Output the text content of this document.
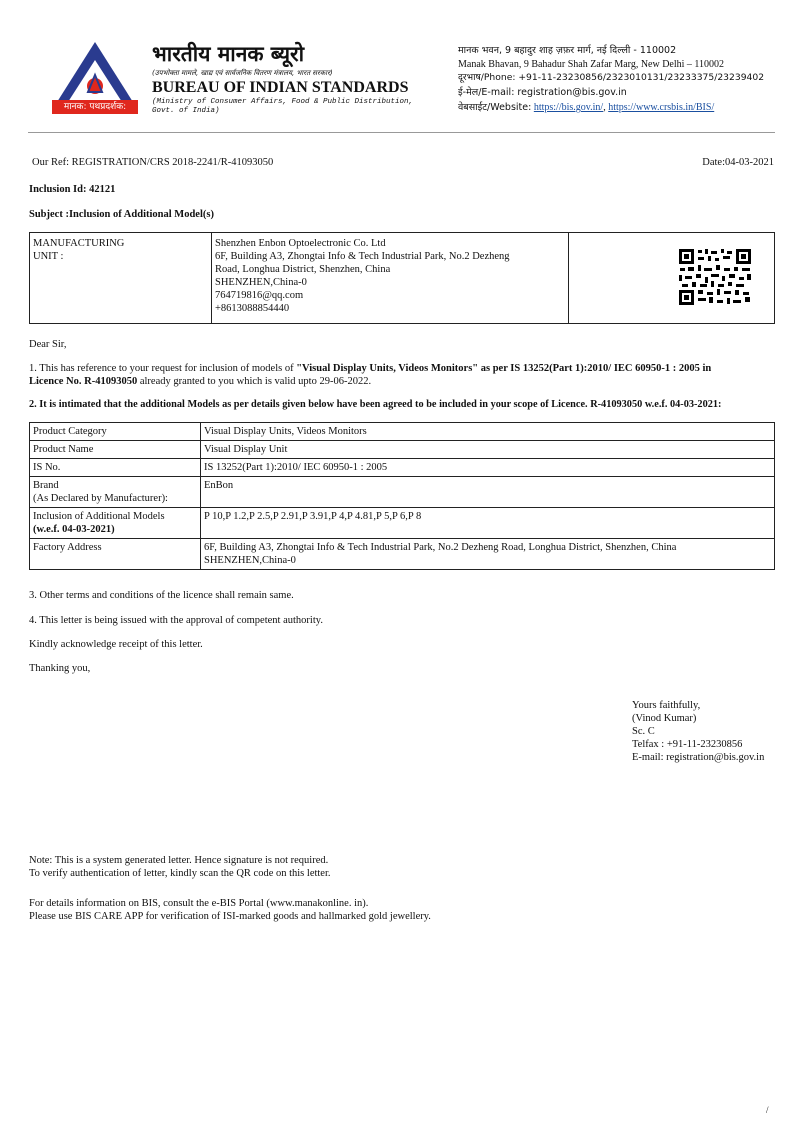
मानक: पथप्रदर्शक:
भारतीय मानक ब्यूरो
(उपभोक्ता मामले, खाद्य एवं सार्वजनिक वितरण मंत्रालय, भारत सरकार)
BUREAU OF INDIAN STANDARDS
(Ministry of Consumer Affairs, Food & Public Distribution,
Govt. of India)
मानक भवन, 9 बहादुर शाह ज़फ़र मार्ग, नई दिल्ली - 110002
Manak Bhavan, 9 Bahadur Shah Zafar Marg, New Delhi – 110002
दूरभाष/Phone: +91-11-23230856/2323010131/23233375/23239402
ई-मेल/E-mail: registration@bis.gov.in
वेबसाईट/Website: https://bis.gov.in/, https://www.crsbis.in/BIS/
Our Ref: REGISTRATION/CRS 2018-2241/R-41093050	Date:04-03-2021
Inclusion Id: 42121
Subject :Inclusion of Additional Model(s)
MANUFACTURING
UNIT :
Shenzhen Enbon Optoelectronic Co. Ltd
6F, Building A3, Zhongtai Info & Tech Industrial Park, No.2 Dezheng
Road, Longhua District, Shenzhen, China
SHENZHEN,China-0
764719816@qq.com
+8613088854440
Dear Sir,
1. This has reference to your request for inclusion of models of "Visual Display Units, Videos Monitors" as per IS 13252(Part 1):2010/ IEC 60950-1 : 2005 in
Licence No. R-41093050 already granted to you which is valid upto 29-06-2022.
2. It is intimated that the additional Models as per details given below have been agreed to be included in your scope of Licence. R-41093050 w.e.f. 04-03-2021:
Product Category	Visual Display Units, Videos Monitors
Product Name	Visual Display Unit
IS No.	IS 13252(Part 1):2010/ IEC 60950-1 : 2005

Brand
(As Declared by Manufacturer):	EnBon

Inclusion of Additional Models
(w.e.f. 04-03-2021)	P 10,P 1.2,P 2.5,P 2.91,P 3.91,P 4,P 4.81,P 5,P 6,P 8
Factory Address	6F, Building A3, Zhongtai Info & Tech Industrial Park, No.2 Dezheng Road, Longhua District, Shenzhen, China
SHENZHEN,China-0
3. Other terms and conditions of the licence shall remain same.
4. This letter is being issued with the approval of competent authority.
Kindly acknowledge receipt of this letter.
Thanking you,
Yours faithfully,
(Vinod Kumar)
Sc. C
Telfax : +91-11-23230856
E-mail: registration@bis.gov.in
Note: This is a system generated letter. Hence signature is not required.
To verify authentication of letter, kindly scan the QR code on this letter.
For details information on BIS, consult the e-BIS Portal (www.manakonline. in).
Please use BIS CARE APP for verification of ISI-marked goods and hallmarked gold jewellery.
/
